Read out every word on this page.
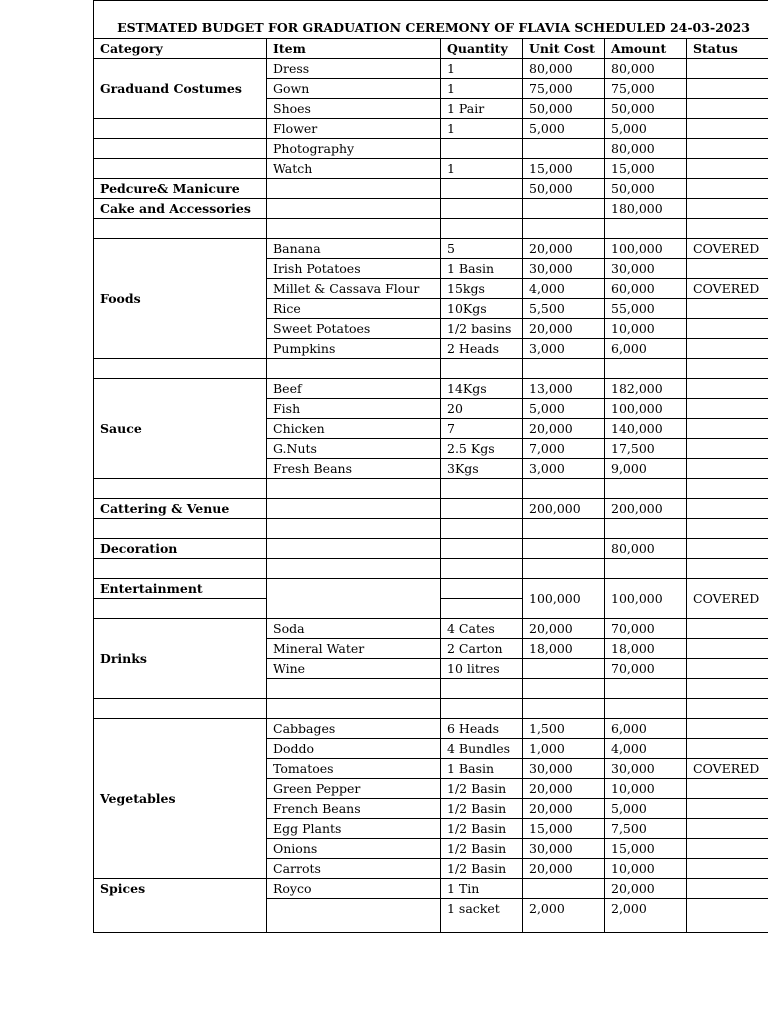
ESTMATED BUDGET FOR GRADUATION CEREMONY OF FLAVIA SCHEDULED 24-03-2023					
Category	Item	Quantity	Unit Cost	Amount	Status
Graduand Costumes	Dress	1	80,000	80,000	
	Gown	1	75,000	75,000	
	Shoes	1 Pair	50,000	50,000	
	Flower	1	5,000	5,000	
	Photography			80,000	
	Watch	1	15,000	15,000	
Pedcure& Manicure			50,000	50,000	
Cake and Accessories				180,000	

Foods	Banana	5	20,000	100,000	COVERED
	Irish Potatoes	1 Basin	30,000	30,000	
	Millet & Cassava Flour	15kgs	4,000	60,000	COVERED
	Rice	10Kgs	5,500	55,000	
	Sweet Potatoes	1/2 basins	20,000	10,000	
	Pumpkins	2 Heads	3,000	6,000	

Sauce	Beef	14Kgs	13,000	182,000	
	Fish	20	5,000	100,000	
	Chicken	7	20,000	140,000	
	G.Nuts	2.5 Kgs	7,000	17,500	
	Fresh Beans	3Kgs	3,000	9,000	

Cattering & Venue			200,000	200,000	

Decoration				80,000	

Entertainment			100,000	100,000	COVERED

Drinks	Soda	4 Cates	20,000	70,000	
	Mineral Water	2 Carton	18,000	18,000	
	Wine	10 litres		70,000	

Vegetables	Cabbages	6 Heads	1,500	6,000	
	Doddo	4 Bundles	1,000	4,000	
	Tomatoes	1 Basin	30,000	30,000	COVERED
	Green Pepper	1/2 Basin	20,000	10,000	
	French Beans	1/2 Basin	20,000	5,000	
	Egg Plants	1/2 Basin	15,000	7,500	
	Onions	1/2 Basin	30,000	15,000	
	Carrots	1/2 Basin	20,000	10,000	
Spices	Royco	1 Tin		20,000	
		1 sacket	2,000	2,000	
